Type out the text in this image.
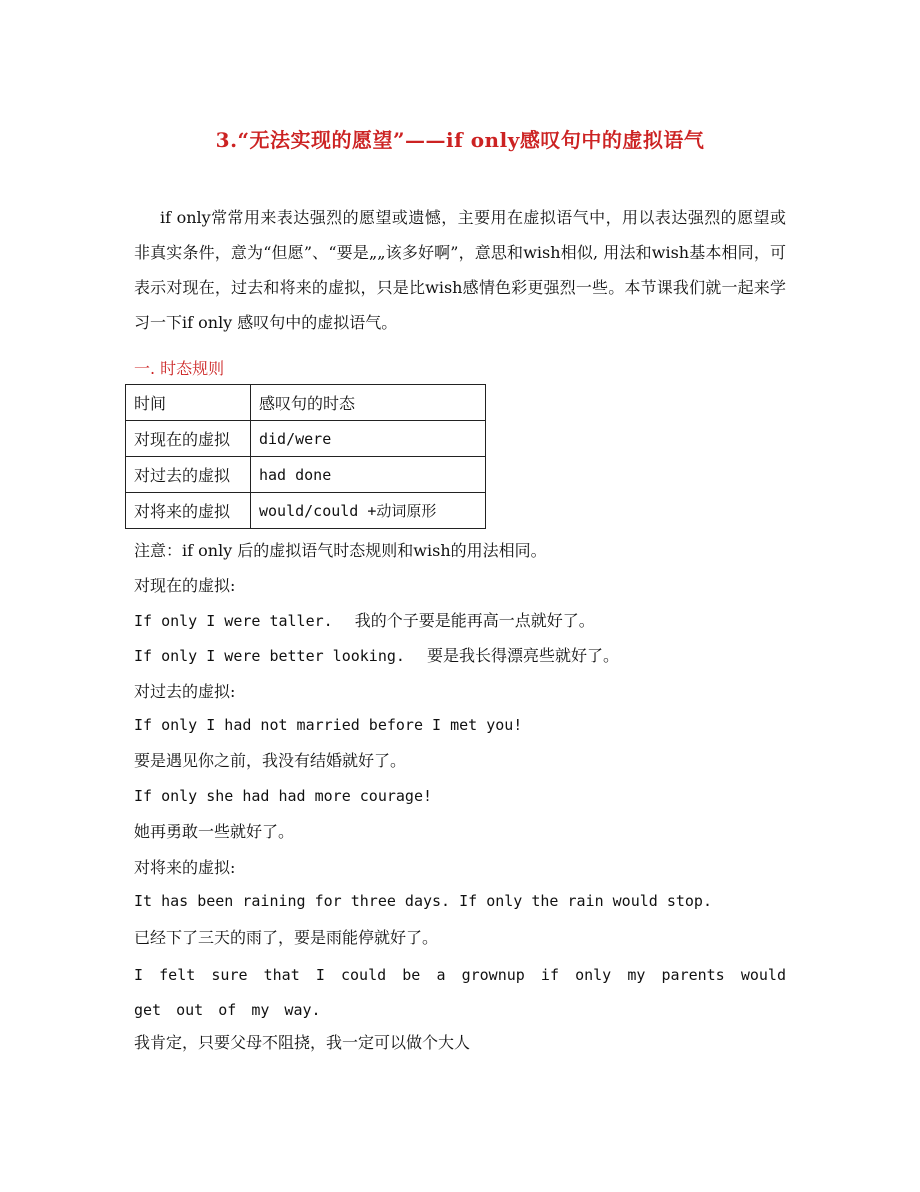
3.“无法实现的愿望”——if only感叹句中的虚拟语气

if only常常用来表达强烈的愿望或遗憾，主要用在虚拟语气中，用以表达强烈的愿望或非真实条件，意为“但愿”、“要是„„该多好啊”，意思和wish相似, 用法和wish基本相同，可表示对现在，过去和将来的虚拟，只是比wish感情色彩更强烈一些。本节课我们就一起来学习一下if only 感叹句中的虚拟语气。

一. 时态规则

时间	感叹句的时态
对现在的虚拟	did/were
对过去的虚拟	had done
对将来的虚拟	would/could +动词原形

注意：if only 后的虚拟语气时态规则和wish的用法相同。

对现在的虚拟:

If only I were taller. 我的个子要是能再高一点就好了。

If only I were better looking. 要是我长得漂亮些就好了。

对过去的虚拟:

If only I had not married before I met you!

要是遇见你之前，我没有结婚就好了。

If only she had had more courage!

她再勇敢一些就好了。

对将来的虚拟:

It has been raining for three days. If only the rain would stop.

已经下了三天的雨了，要是雨能停就好了。

I felt sure that I could be a grownup if only my parents would get out of my way.

我肯定，只要父母不阻挠，我一定可以做个大人
